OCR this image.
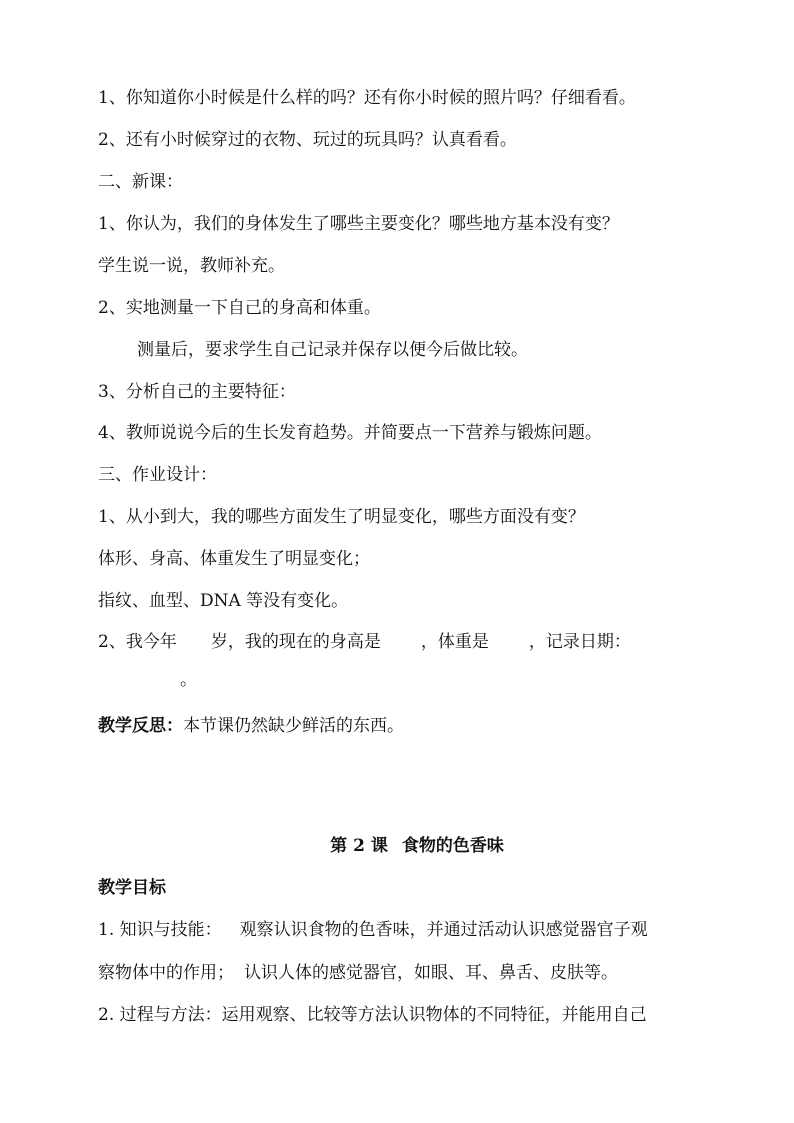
1、你知道你小时候是什么样的吗？还有你小时候的照片吗？仔细看看。
2、还有小时候穿过的衣物、玩过的玩具吗？认真看看。
二、新课：
1、你认为，我们的身体发生了哪些主要变化？哪些地方基本没有变？
学生说一说，教师补充。
2、实地测量一下自己的身高和体重。
测量后，要求学生自己记录并保存以便今后做比较。
3、分析自己的主要特征：
4、教师说说今后的生长发育趋势。并简要点一下营养与锻炼问题。
三、作业设计：
1、从小到大，我的哪些方面发生了明显变化，哪些方面没有变？
体形、身高、体重发生了明显变化；
指纹、血型、DNA 等没有变化。
2、我今年 岁，我的现在的身高是 ，体重是 ，记录日期：
。
教学反思：本节课仍然缺少鲜活的东西。
第 2 课 食物的色香味
教学目标
1. 知识与技能： 观察认识食物的色香味，并通过活动认识感觉器官子观
察物体中的作用； 认识人体的感觉器官，如眼、耳、鼻舌、皮肤等。
2. 过程与方法：运用观察、比较等方法认识物体的不同特征，并能用自己
